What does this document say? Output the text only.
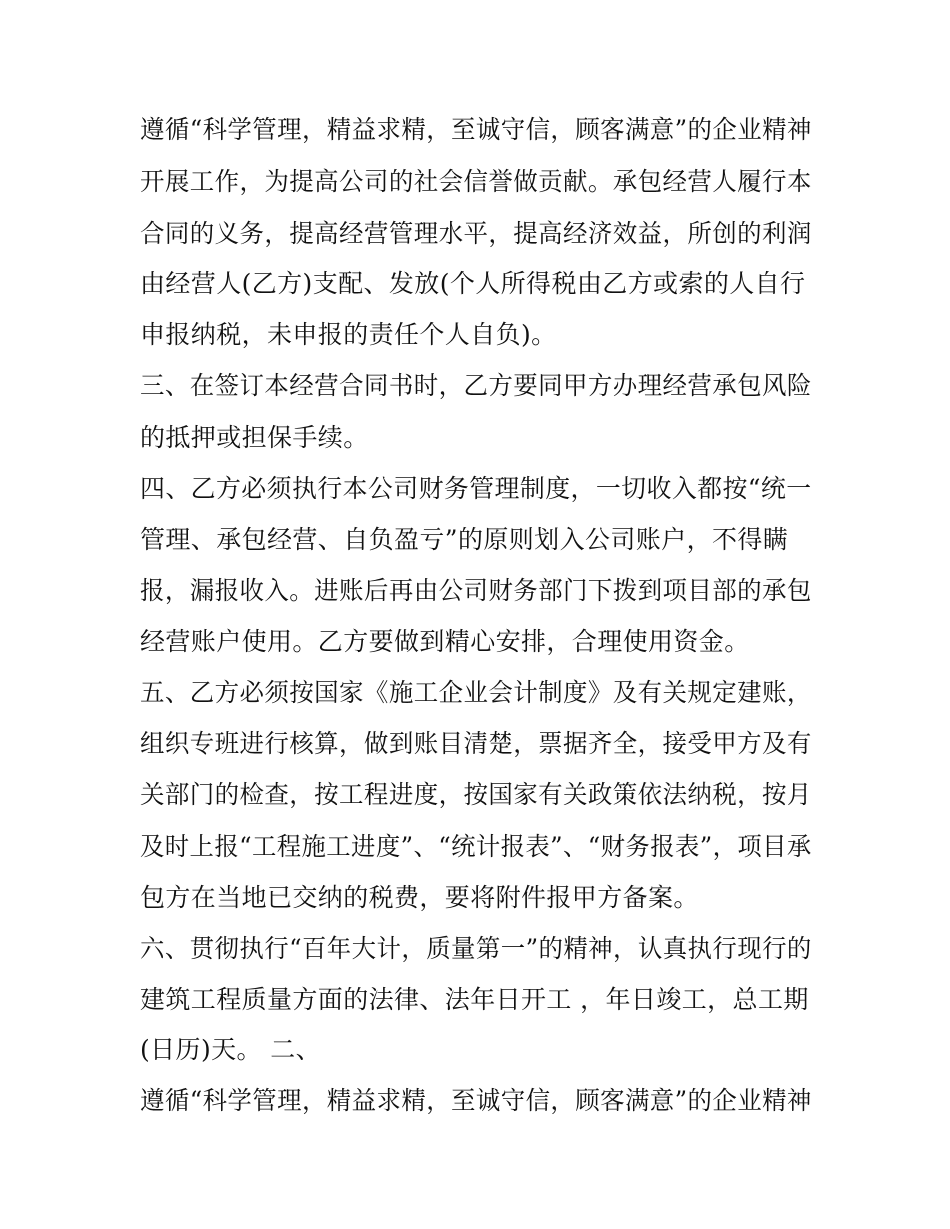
遵循“科学管理，精益求精，至诚守信，顾客满意”的企业精神
开展工作，为提高公司的社会信誉做贡献。承包经营人履行本
合同的义务，提高经营管理水平，提高经济效益，所创的利润
由经营人(乙方)支配、发放(个人所得税由乙方或索的人自行
申报纳税，未申报的责任个人自负)。
三、在签订本经营合同书时，乙方要同甲方办理经营承包风险
的抵押或担保手续。
四、乙方必须执行本公司财务管理制度，一切收入都按“统一
管理、承包经营、自负盈亏”的原则划入公司账户，不得瞒
报，漏报收入。进账后再由公司财务部门下拨到项目部的承包
经营账户使用。乙方要做到精心安排，合理使用资金。
五、乙方必须按国家《施工企业会计制度》及有关规定建账，
组织专班进行核算，做到账目清楚，票据齐全，接受甲方及有
关部门的检查，按工程进度，按国家有关政策依法纳税，按月
及时上报“工程施工进度”、“统计报表”、“财务报表”，项目承
包方在当地已交纳的税费，要将附件报甲方备案。
六、贯彻执行“百年大计，质量第一”的精神，认真执行现行的
建筑工程质量方面的法律、法年日开工 ，年日竣工，总工期
(日历)天。 二、
遵循“科学管理，精益求精，至诚守信，顾客满意”的企业精神
